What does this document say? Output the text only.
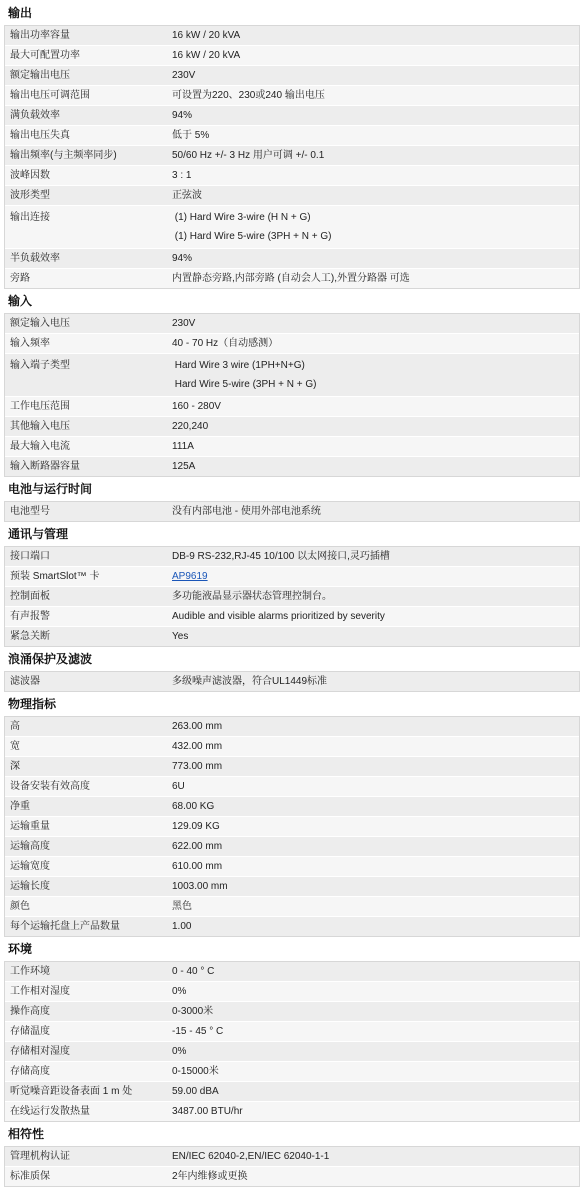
输出
输出功率容量	16 kW / 20 kVA
最大可配置功率	16 kW / 20 kVA
额定输出电压	230V
输出电压可调范围	可设置为220、230或240 输出电压
满负载效率	94%
输出电压失真	低于 5%
输出频率(与主频率同步)	50/60 Hz +/- 3 Hz 用户可调 +/- 0.1
波峰因数	3 : 1
波形类型	正弦波
输出连接	(1) Hard Wire 3-wire (H N + G)
(1) Hard Wire 5-wire (3PH + N + G)
半负载效率	94%
旁路	内置静态旁路,内部旁路 (自动会人工),外置分路器 可选
输入
额定输入电压	230V
输入频率	40 - 70 Hz（自动感测）
输入端子类型	Hard Wire 3 wire (1PH+N+G)
Hard Wire 5-wire (3PH + N + G)
工作电压范围	160 - 280V
其他输入电压	220,240
最大输入电流	111A
输入断路器容量	125A
电池与运行时间
电池型号	没有内部电池 - 使用外部电池系统
通讯与管理
接口端口	DB-9 RS-232,RJ-45 10/100 以太网接口,灵巧插槽
预装 SmartSlot™ 卡	AP9619
控制面板	多功能液晶显示器状态管理控制台。
有声报警	Audible and visible alarms prioritized by severity
紧急关断	Yes
浪涌保护及滤波
滤波器	多级噪声滤波器，符合UL1449标准
物理指标
高	263.00 mm
宽	432.00 mm
深	773.00 mm
设备安装有效高度	6U
净重	68.00 KG
运输重量	129.09 KG
运输高度	622.00 mm
运输宽度	610.00 mm
运输长度	1003.00 mm
颜色	黑色
每个运输托盘上产品数量	1.00
环境
工作环境	0 - 40 ° C
工作相对湿度	0%
操作高度	0-3000米
存储温度	-15 - 45 ° C
存储相对湿度	0%
存储高度	0-15000米
听觉噪音距设备表面 1 m 处	59.00 dBA
在线运行发散热量	3487.00 BTU/hr
相符性
管理机构认证	EN/IEC 62040-2,EN/IEC 62040-1-1
标准质保	2年内维修或更换
